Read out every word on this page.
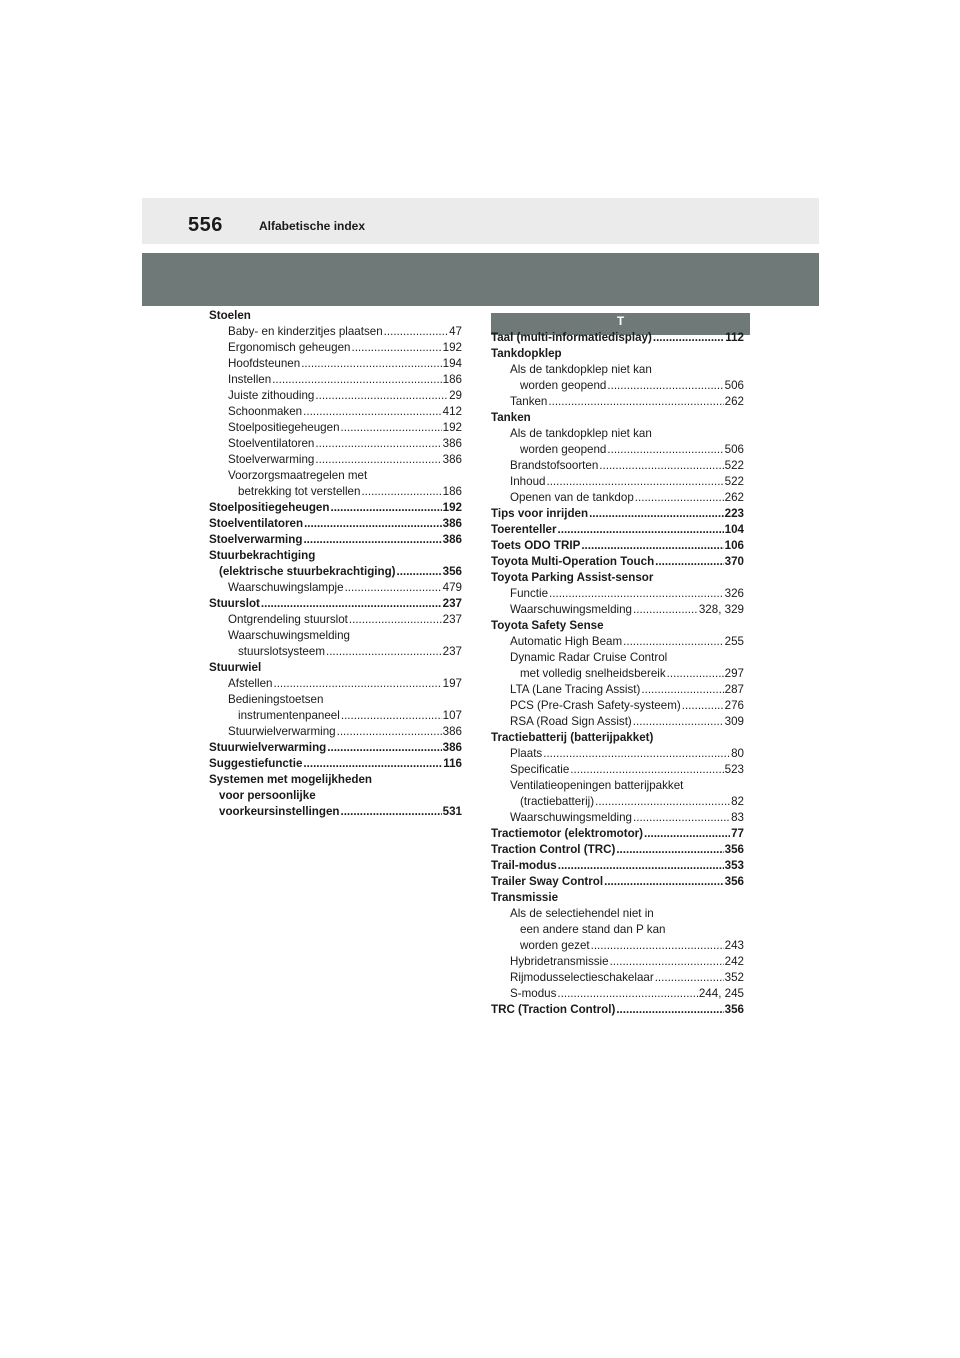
556	Alfabetische index
Stoelen
Baby- en kinderzitjes plaatsen .....	47
Ergonomisch geheugen .....	192
Hoofdsteunen .....	194
Instellen .....	186
Juiste zithouding .....	29
Schoonmaken .....	412
Stoelpositiegeheugen .....	192
Stoelventilatoren .....	386
Stoelverwarming .....	386
Voorzorgsmaatregelen met
betrekking tot verstellen .....	186
Stoelpositiegeheugen .....	192
Stoelventilatoren .....	386
Stoelverwarming .....	386
Stuurbekrachtiging
(elektrische stuurbekrachtiging) .....	356
Waarschuwingslampje .....	479
Stuurslot .....	237
Ontgrendeling stuurslot .....	237
Waarschuwingsmelding
stuurslotsysteem .....	237
Stuurwiel
Afstellen .....	197
Bedieningstoetsen
instrumentenpaneel .....	107
Stuurwielverwarming .....	386
Stuurwielverwarming .....	386
Suggestiefunctie .....	116
Systemen met mogelijkheden
voor persoonlijke
voorkeursinstellingen .....	531
T
Taal (multi-informatiedisplay) .....	112
Tankdopklep
Als de tankdopklep niet kan
worden geopend .....	506
Tanken .....	262
Tanken
Als de tankdopklep niet kan
worden geopend .....	506
Brandstofsoorten .....	522
Inhoud .....	522
Openen van de tankdop .....	262
Tips voor inrijden .....	223
Toerenteller .....	104
Toets ODO TRIP .....	106
Toyota Multi-Operation Touch .....	370
Toyota Parking Assist-sensor
Functie .....	326
Waarschuwingsmelding .....	328, 329
Toyota Safety Sense
Automatic High Beam .....	255
Dynamic Radar Cruise Control
met volledig snelheidsbereik .....	297
LTA (Lane Tracing Assist) .....	287
PCS (Pre-Crash Safety-systeem) .....	276
RSA (Road Sign Assist) .....	309
Tractiebatterij (batterijpakket)
Plaats .....	80
Specificatie .....	523
Ventilatieopeningen batterijpakket
(tractiebatterij) .....	82
Waarschuwingsmelding .....	83
Tractiemotor (elektromotor) .....	77
Traction Control (TRC) .....	356
Trail-modus .....	353
Trailer Sway Control .....	356
Transmissie
Als de selectiehendel niet in
een andere stand dan P kan
worden gezet .....	243
Hybridetransmissie .....	242
Rijmodusselectieschakelaar .....	352
S-modus .....	244, 245
TRC (Traction Control) .....	356
